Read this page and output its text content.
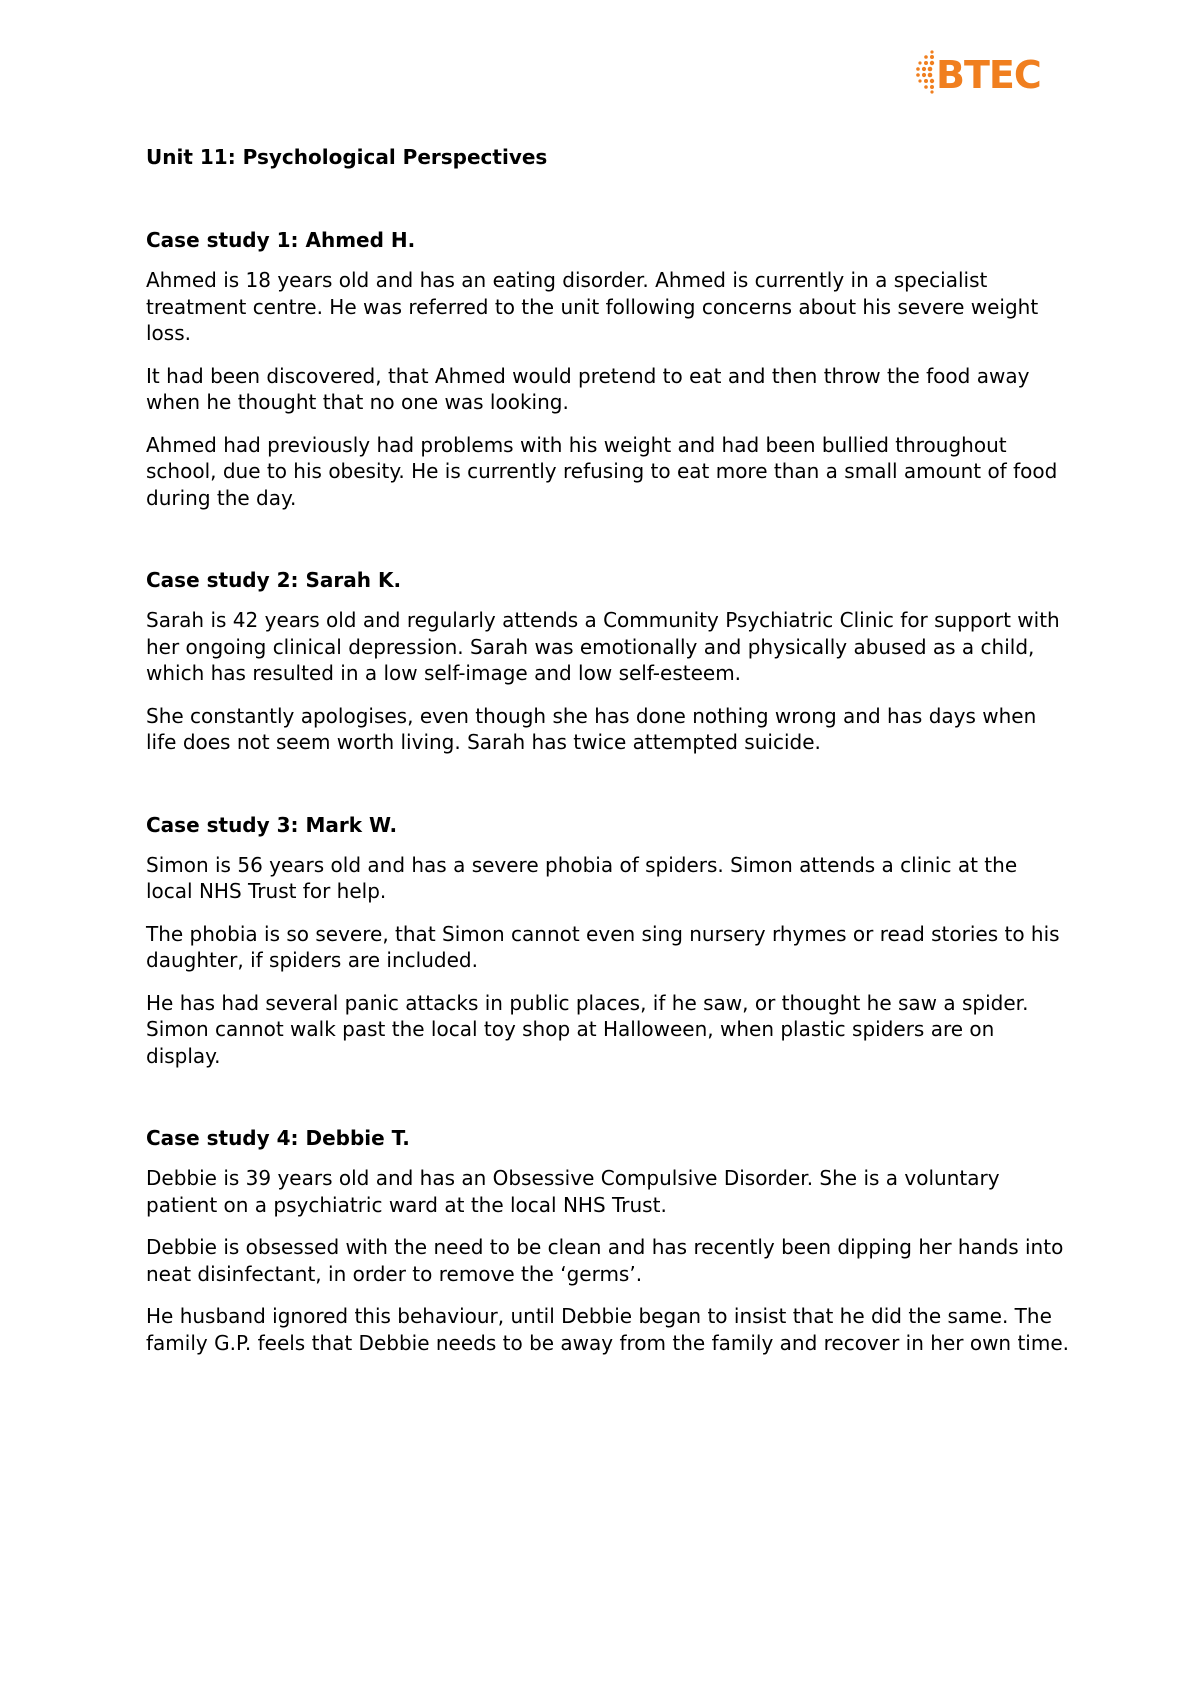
BTEC
Unit 11: Psychological Perspectives
Case study 1: Ahmed H.
Ahmed is 18 years old and has an eating disorder. Ahmed is currently in a specialist treatment centre. He was referred to the unit following concerns about his severe weight loss.
It had been discovered, that Ahmed would pretend to eat and then throw the food away when he thought that no one was looking.
Ahmed had previously had problems with his weight and had been bullied throughout school, due to his obesity. He is currently refusing to eat more than a small amount of food during the day.
Case study 2: Sarah K.
Sarah is 42 years old and regularly attends a Community Psychiatric Clinic for support with her ongoing clinical depression. Sarah was emotionally and physically abused as a child, which has resulted in a low self-image and low self-esteem.
She constantly apologises, even though she has done nothing wrong and has days when life does not seem worth living. Sarah has twice attempted suicide.
Case study 3: Mark W.
Simon is 56 years old and has a severe phobia of spiders. Simon attends a clinic at the local NHS Trust for help.
The phobia is so severe, that Simon cannot even sing nursery rhymes or read stories to his daughter, if spiders are included.
He has had several panic attacks in public places, if he saw, or thought he saw a spider. Simon cannot walk past the local toy shop at Halloween, when plastic spiders are on display.
Case study 4: Debbie T.
Debbie is 39 years old and has an Obsessive Compulsive Disorder. She is a voluntary patient on a psychiatric ward at the local NHS Trust.
Debbie is obsessed with the need to be clean and has recently been dipping her hands into neat disinfectant, in order to remove the ‘germs’.
He husband ignored this behaviour, until Debbie began to insist that he did the same. The family G.P. feels that Debbie needs to be away from the family and recover in her own time.
